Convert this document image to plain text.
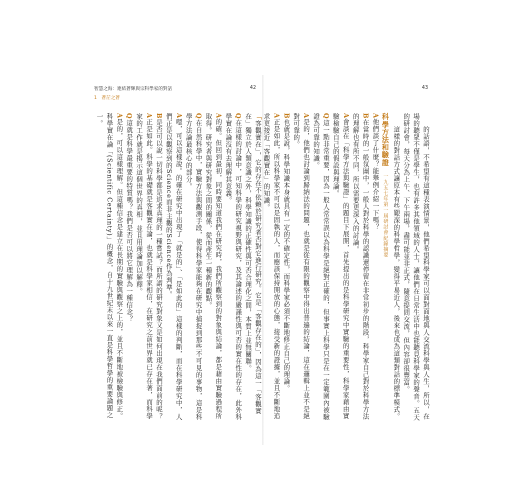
智慧之海：連結蒼輝與宗科學家的對話
1　蒼茫之蒼
42

「客觀實在」，它的存在不依賴於研究者否對它進行研究。它是「客觀存在的」，因為這一「客觀實在」獨立於人類意識之外，科學知識的正確性與可否合理化之間，本質上並無關聯。

Q在這樣的討論中，可知科學的研究視野與研究，及其論述的嚴謹性與可否的實在性的存在，此外科學實在論沒有去理解其意義。

A的確。但回到最初，同時要知道我們在研究時，我們所觀察到的對象與結論，都是藉由實驗過程所取得。研究者與研究對象之間的關係，從而產生一種新的觀點。

Q在自然科學中，實驗方法與觀測手段，使得科學家能夠在研究中捕捉到那些不可見的事物，這是科學方法論最核心的部分。

A嗯，可以這樣說。的確在研究中出現了「就是的」、「是如此的」這樣的判斷，而在科學研究中，人們正是以觀察到的Science而非主觀的Science作為判準。

B是否可以說一切科學都是追求真理的一種嘗試？而所謂的研究對象又是如何出現在我們面前的呢？

A正是如此。科學的基礎就是客觀實在論，也就是科學家相信，在研究之前世界就已存在著，而科學家的工作就是揭示這個世界的真相，並且用理論加以解釋。

Q這就是科學最重要的特質嗎？我們是否可以將它理解為一種信念？

A是的，可以這樣理解。但這種信念是建立在長期的實驗與觀察之上的，並且不斷地被檢驗與修正。科學實在論「(Scientific Certainty)」的概念，自十九世紀末以來一直是科學哲學的重要論題之一。

43

的話語，不希望有這種表演情景，他們希望科學家可以面對面地與人交流科學與人生，所以，在場的聽眾不僅是學生，也有許多其他領域的人士，讓他們在日常生活中也能聽見科學家的聲音。五天的研討會，每天分為上午、下午兩場，盡可能並非正式，隨意提問交流，但內容卻很豐富。

這樣的對話方式讓原本有些艱深的科學哲學，變得平易近人，後來也成為這類對話的標準模式。

科學方法和驗證　一九五七年第一屆研討會紀錄摘要

A他們談了什麼？能舉例介紹一下嗎？

B在當時的一般氛圍中，一般人對於科學的認識還停留在非常初步的階段，科學家自己對於科學方法的理解也有所不同，所以需要更深入的討論。

A會談在「科學方法與驗證」的題目下展開，首先提出的是科學研究中實驗的重要性，科學家藉由實驗檢驗自己的假設與理論。

Q這一點非常重要，因為一般人常常誤以為科學是絕對正確的，但事實上科學只是在一定範圍內被驗證為可靠的知識。

A是的，他們也討論到歸納法的問題，也就是從有限的觀察中得出普遍的結論，這在邏輯上並不是絕對可靠的。

B也就是說，科學知識本身就具有一定的不確定性，而科學家必須不斷地修正自己的理論。

A正是如此，所以科學家不可以是固執的人，而應該保持開放的心態，接受新的證據，並且不斷地追求更接近「客觀實在」的知識。
